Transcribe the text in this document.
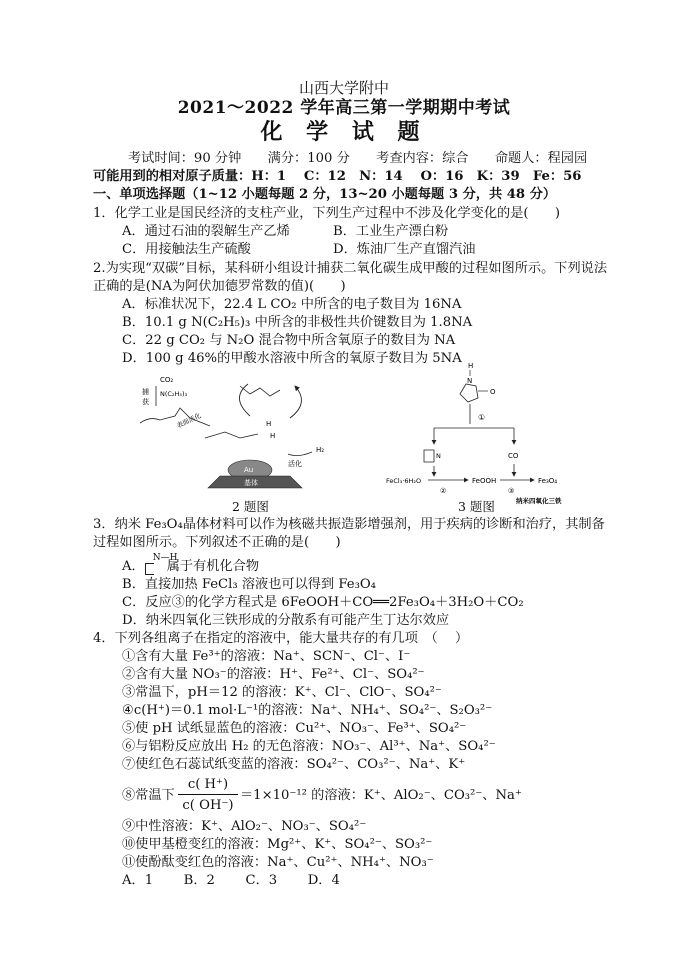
山西大学附中
2021～2022 学年高三第一学期期中考试
化 学 试 题
考试时间：90 分钟　　满分：100 分　　考查内容：综合　　命题人：程园园
可能用到的相对原子质量：H：1　 C：12　N：14　 O：16　K：39　Fe：56
一、单项选择题（1~12 小题每题 2 分，13~20 小题每题 3 分，共 48 分）
1．化学工业是国民经济的支柱产业，下列生产过程中不涉及化学变化的是(　　)
A．通过石油的裂解生产乙烯	B．工业生产漂白粉
C．用接触法生产硫酸	D．炼油厂生产直馏汽油
2.为实现“双碳”目标，某科研小组设计捕获二氧化碳生成甲酸的过程如图所示。下列说法
正确的是(NA为阿伏加德罗常数的值)(　　)
A．标准状况下，22.4 L CO₂ 中所含的电子数目为 16NA
B．10.1 g N(C₂H₅)₃ 中所含的非极性共价键数目为 1.8NA
C．22 g CO₂ 与 N₂O 混合物中所含氧原子的数目为 NA
D．100 g 46%的甲酸水溶液中所含的氧原子数目为 5NA
CO₂
捕
获
N(C₂H₅)₃
表面活化	H
H
H₂
活化
Au
基体
2 题图
H
N
O
①
N	CO
FeCl₃·6H₂O	FeOOH	Fe₃O₄
②	③
纳米四氧化三铁
3 题图
3．纳米 Fe₃O₄晶体材料可以作为核磁共振造影增强剂，用于疾病的诊断和治疗，其制备
过程如图所示。下列叙述不正确的是(　　)
A．
N—H
属于有机化合物
B．直接加热 FeCl₃ 溶液也可以得到 Fe₃O₄
C．反应③的化学方程式是 6FeOOH＋CO══2Fe₃O₄＋3H₂O＋CO₂
D．纳米四氧化三铁形成的分散系有可能产生丁达尔效应
4．下列各组离子在指定的溶液中，能大量共存的有几项　（　 ）
①含有大量 Fe³⁺的溶液：Na⁺、SCN⁻、Cl⁻、I⁻
②含有大量 NO₃⁻的溶液：H⁺、Fe²⁺、Cl⁻、SO₄²⁻
③常温下，pH＝12 的溶液：K⁺、Cl⁻、ClO⁻、SO₄²⁻
④c(H⁺)＝0.1 mol·L⁻¹的溶液：Na⁺、NH₄⁺、SO₄²⁻、S₂O₃²⁻
⑤使 pH 试纸显蓝色的溶液：Cu²⁺、NO₃⁻、Fe³⁺、SO₄²⁻
⑥与铝粉反应放出 H₂ 的无色溶液：NO₃⁻、Al³⁺、Na⁺、SO₄²⁻
⑦使红色石蕊试纸变蓝的溶液：SO₄²⁻、CO₃²⁻、Na⁺、K⁺
⑧常温下
c( H⁺)
c( OH⁻)
＝1×10⁻¹² 的溶液：K⁺、AlO₂⁻、CO₃²⁻、Na⁺
⑨中性溶液：K⁺、AlO₂⁻、NO₃⁻、SO₄²⁻
⑩使甲基橙变红的溶液：Mg²⁺、K⁺、SO₄²⁻、SO₃²⁻
⑪使酚酞变红色的溶液：Na⁺、Cu²⁺、NH₄⁺、NO₃⁻
A．1　　 B．2　　 C．3　　 D．4
